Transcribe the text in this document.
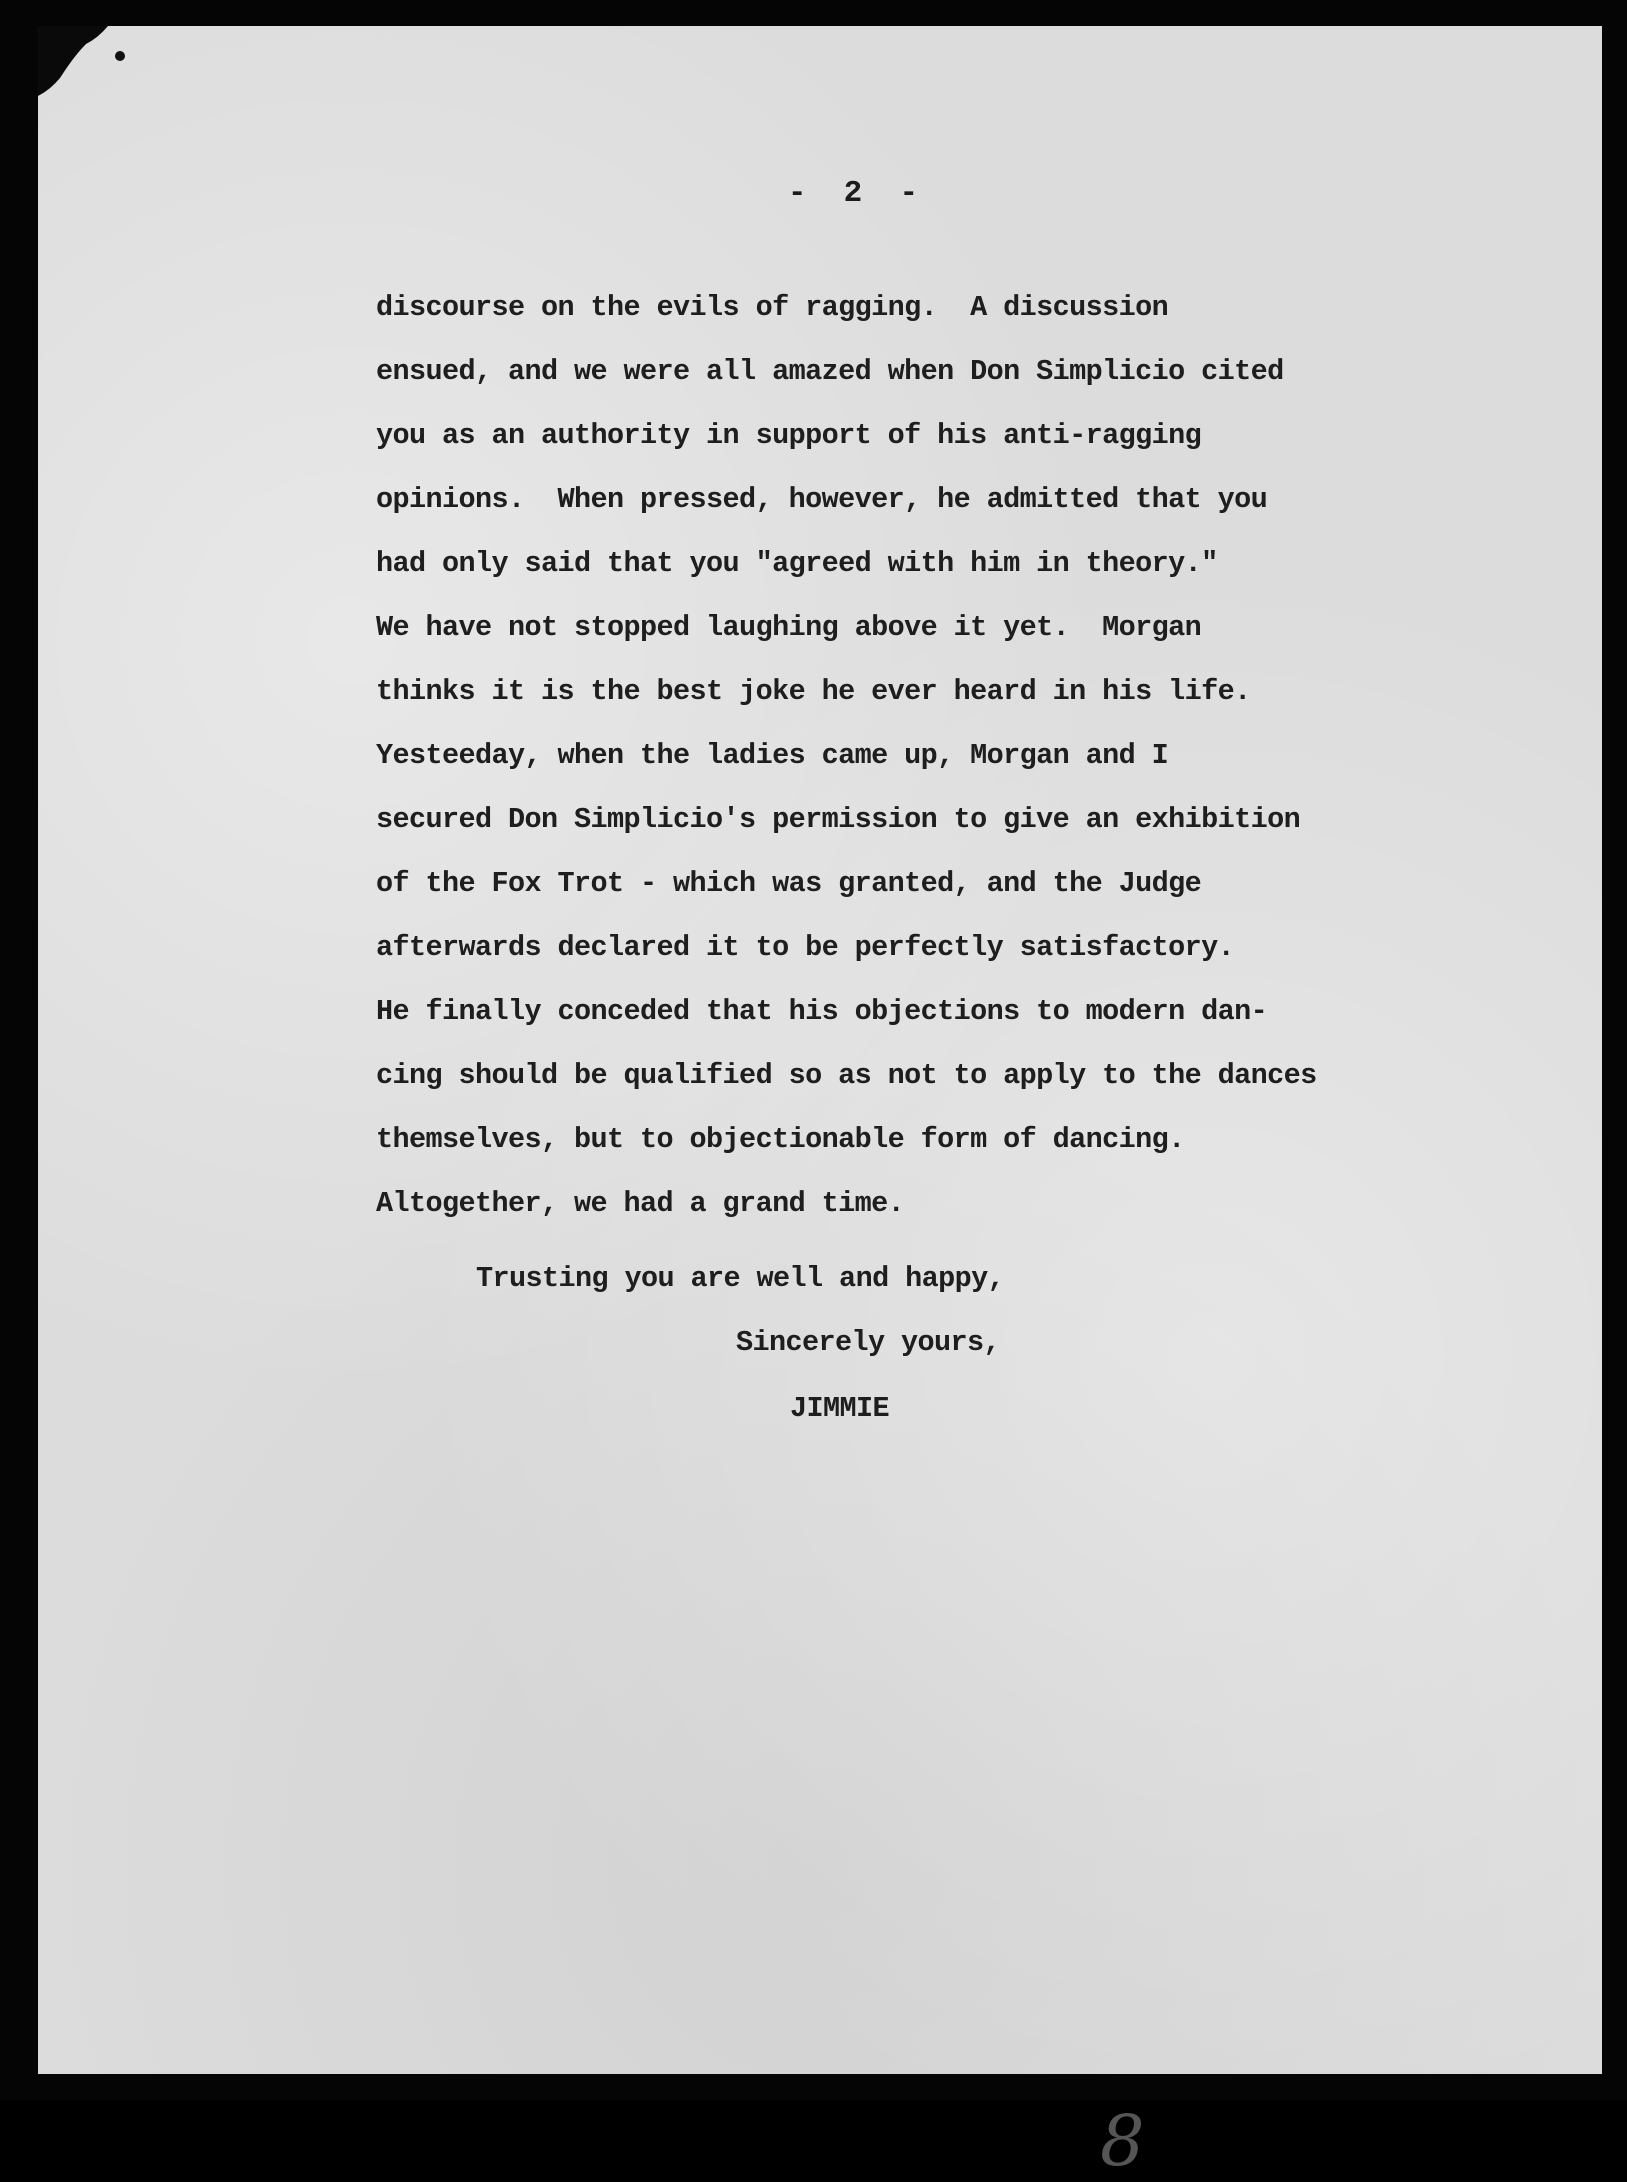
-  2  -
discourse on the evils of ragging.  A discussion
ensued, and we were all amazed when Don Simplicio cited
you as an authority in support of his anti-ragging
opinions.  When pressed, however, he admitted that you
had only said that you "agreed with him in theory."
We have not stopped laughing above it yet.  Morgan
thinks it is the best joke he ever heard in his life.
Yesteeday, when the ladies came up, Morgan and I
secured Don Simplicio's permission to give an exhibition
of the Fox Trot - which was granted, and the Judge
afterwards declared it to be perfectly satisfactory.
He finally conceded that his objections to modern dan-
cing should be qualified so as not to apply to the dances
themselves, but to objectionable form of dancing.
Altogether, we had a grand time.
Trusting you are well and happy,
Sincerely yours,
JIMMIE
8
